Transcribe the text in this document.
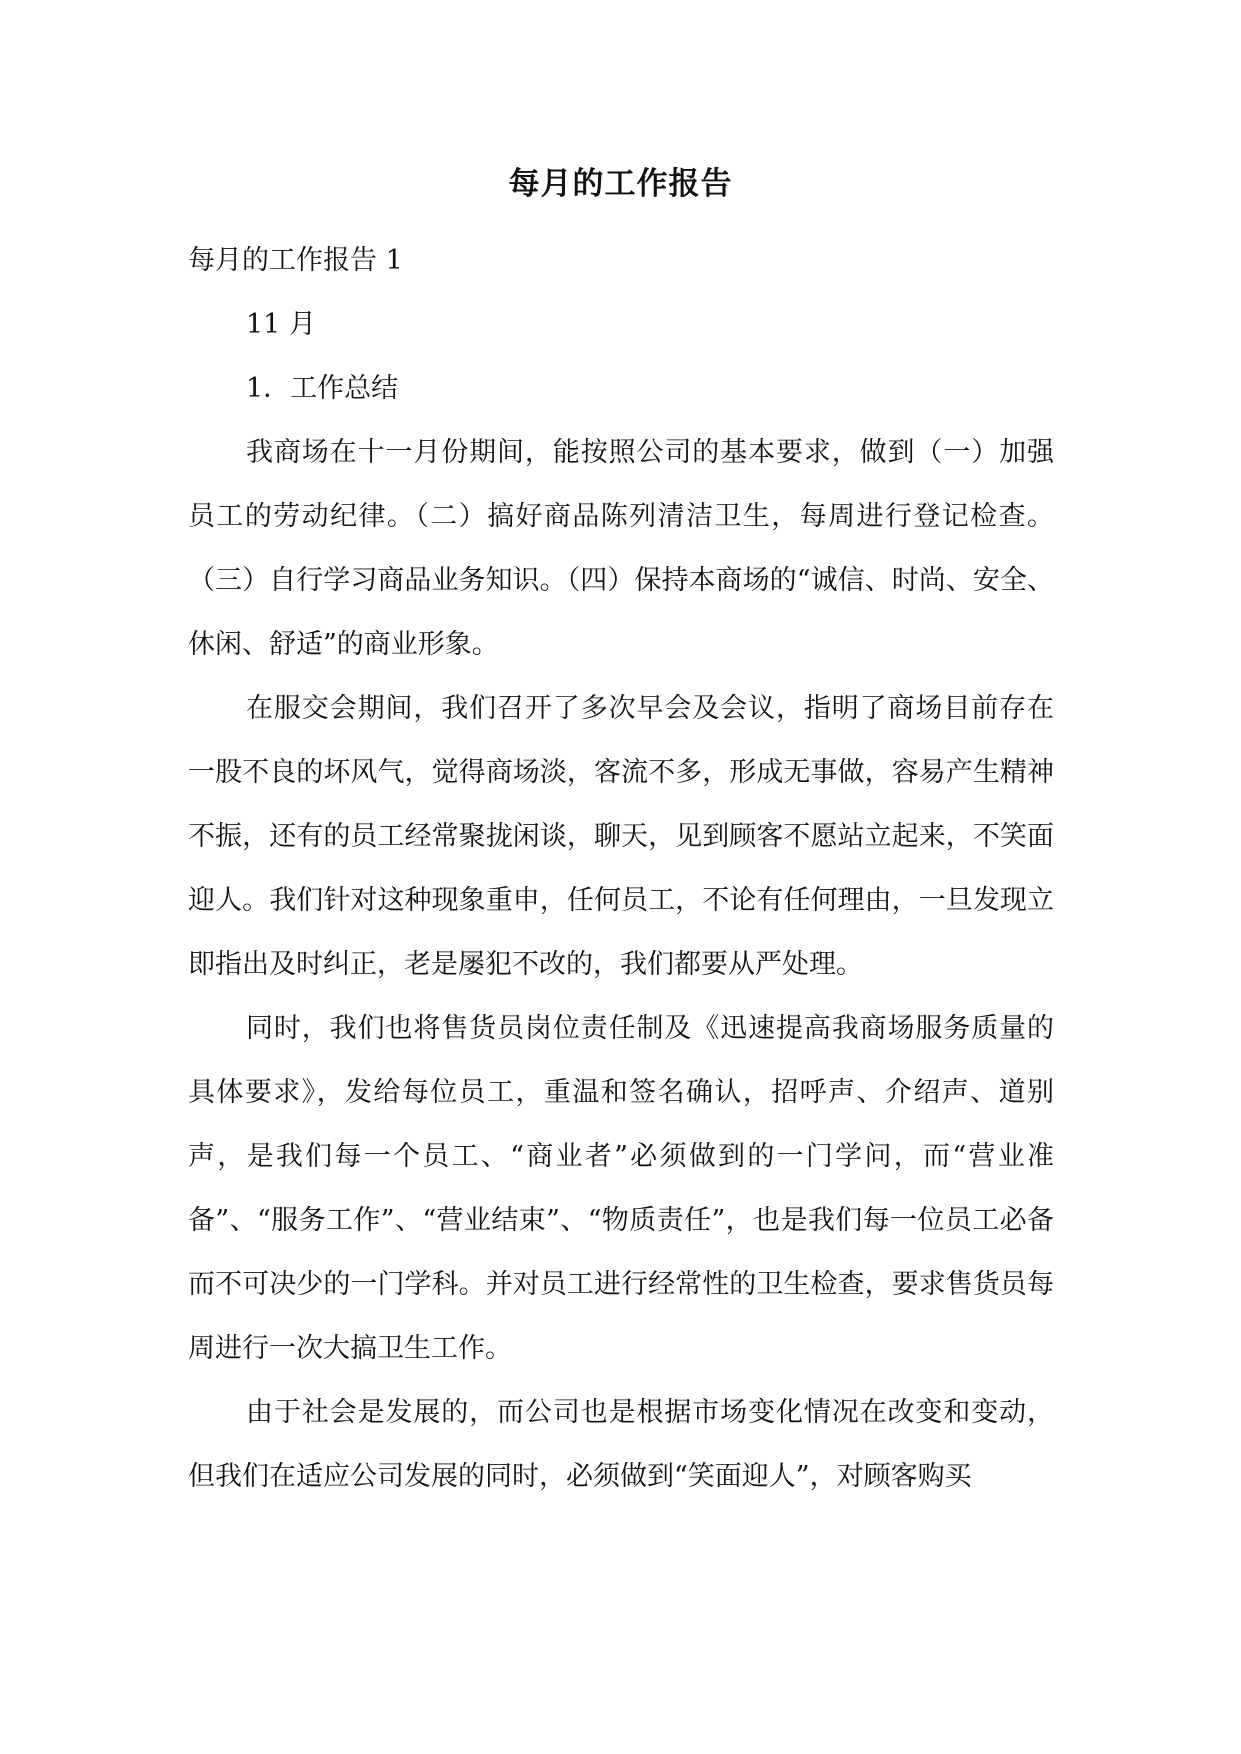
每月的工作报告
每月的工作报告 1

11 月

1．工作总结

我商场在十一月份期间，能按照公司的基本要求，做到（一）加强员工的劳动纪律。（二）搞好商品陈列清洁卫生，每周进行登记检查。（三）自行学习商品业务知识。（四）保持本商场的“诚信、时尚、安全、休闲、舒适”的商业形象。

在服交会期间，我们召开了多次早会及会议，指明了商场目前存在一股不良的坏风气，觉得商场淡，客流不多，形成无事做，容易产生精神不振，还有的员工经常聚拢闲谈，聊天，见到顾客不愿站立起来，不笑面迎人。我们针对这种现象重申，任何员工，不论有任何理由，一旦发现立即指出及时纠正，老是屡犯不改的，我们都要从严处理。

同时，我们也将售货员岗位责任制及《迅速提高我商场服务质量的具体要求》，发给每位员工，重温和签名确认，招呼声、介绍声、道别声，是我们每一个员工、“商业者”必须做到的一门学问，而“营业准备”、“服务工作”、“营业结束”、“物质责任”，也是我们每一位员工必备而不可决少的一门学科。并对员工进行经常性的卫生检查，要求售货员每周进行一次大搞卫生工作。

由于社会是发展的，而公司也是根据市场变化情况在改变和变动，但我们在适应公司发展的同时，必须做到“笑面迎人”，对顾客购买
